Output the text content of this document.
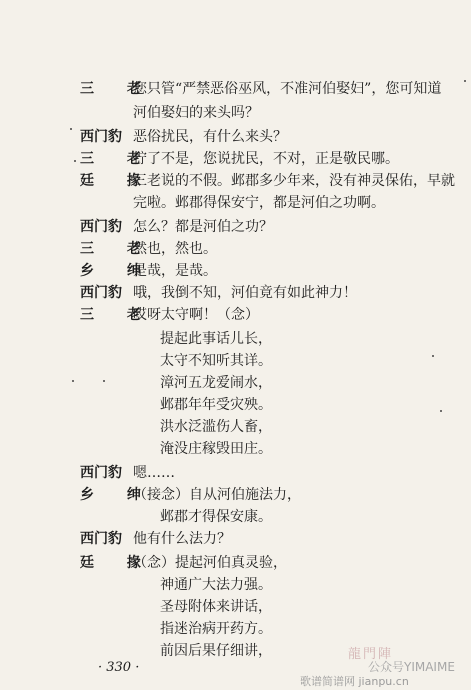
三 老
您只管“严禁恶俗巫风，不准河伯娶妇”，您可知道
河伯娶妇的来头吗？
西门豹 恶俗扰民，有什么来头？
三 老
拧了不是，您说扰民，不对，正是敬民哪。
廷 掾
三老说的不假。邺郡多少年来，没有神灵保佑，早就
完啦。邺郡得保安宁，都是河伯之功啊。
西门豹 怎么？都是河伯之功？
三 老
然也，然也。
乡 绅
是哉，是哉。
西门豹 哦，我倒不知，河伯竟有如此神力！
三 老
哎呀太守啊！（念）
提起此事话儿长，
太守不知听其详。
漳河五龙爱闹水，
邺郡年年受灾殃。
洪水泛滥伤人畜，
淹没庄稼毁田庄。
西门豹 嗯……
乡 绅
（接念）自从河伯施法力，
邺郡才得保安康。
西门豹 他有什么法力？
廷 掾
（念）提起河伯真灵验，
神通广大法力强。
圣母附体来讲话，
指迷治病开药方。
前因后果仔细讲，
· 330 ·
龍門陣
公众号YIMAIME
歌谱简谱网 jianpu.cn
